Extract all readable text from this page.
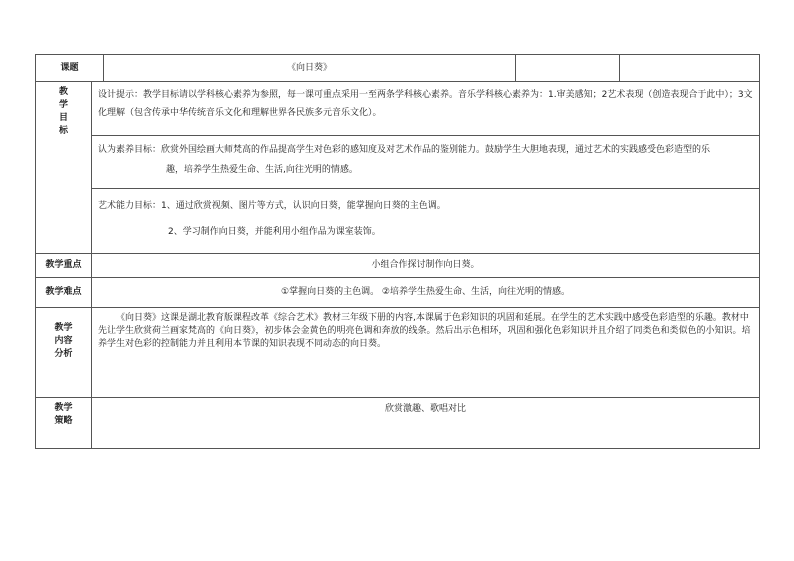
课题		《向日葵》		

教
学
目
标	设计提示：教学目标请以学科核心素养为参照，每一课可重点采用一至两条学科核心素养。音乐学科核心素养为：1.审美感知；2艺术表现（创造表现合于此中）；3文化理解（包含传承中华传统音乐文化和理解世界各民族多元音乐文化）。			

	认为素养目标：欣赏外国绘画大师梵高的作品提高学生对色彩的感知度及对艺术作品的鉴别能力。鼓励学生大胆地表现，通过艺术的实践感受色彩造型的乐
趣，培养学生热爱生命、生活,向往光明的情感。			

	艺术能力目标：1、通过欣赏视频、图片等方式，认识向日葵，能掌握向日葵的主色调。
2、学习制作向日葵，并能利用小组作品为课室装饰。			

教学重点	小组合作探讨制作向日葵。			
教学难点	①掌握向日葵的主色调。 ②培养学生热爱生命、生活，向往光明的情感。			

教学
内容
分析	《向日葵》这课是湖北教育版课程改革《综合艺术》教材三年级下册的内容,本课属于色彩知识的巩固和延展。在学生的艺术实践中感受色彩造型的乐趣。教材中先让学生欣赏荷兰画家梵高的《向日葵》，初步体会金黄色的明亮色调和奔放的线条。然后出示色相环，巩固和强化色彩知识并且介绍了同类色和类似色的小知识。培养学生对色彩的控制能力并且利用本节课的知识表现不同动态的向日葵。			

教学
策略	欣赏激趣、歌唱对比			
